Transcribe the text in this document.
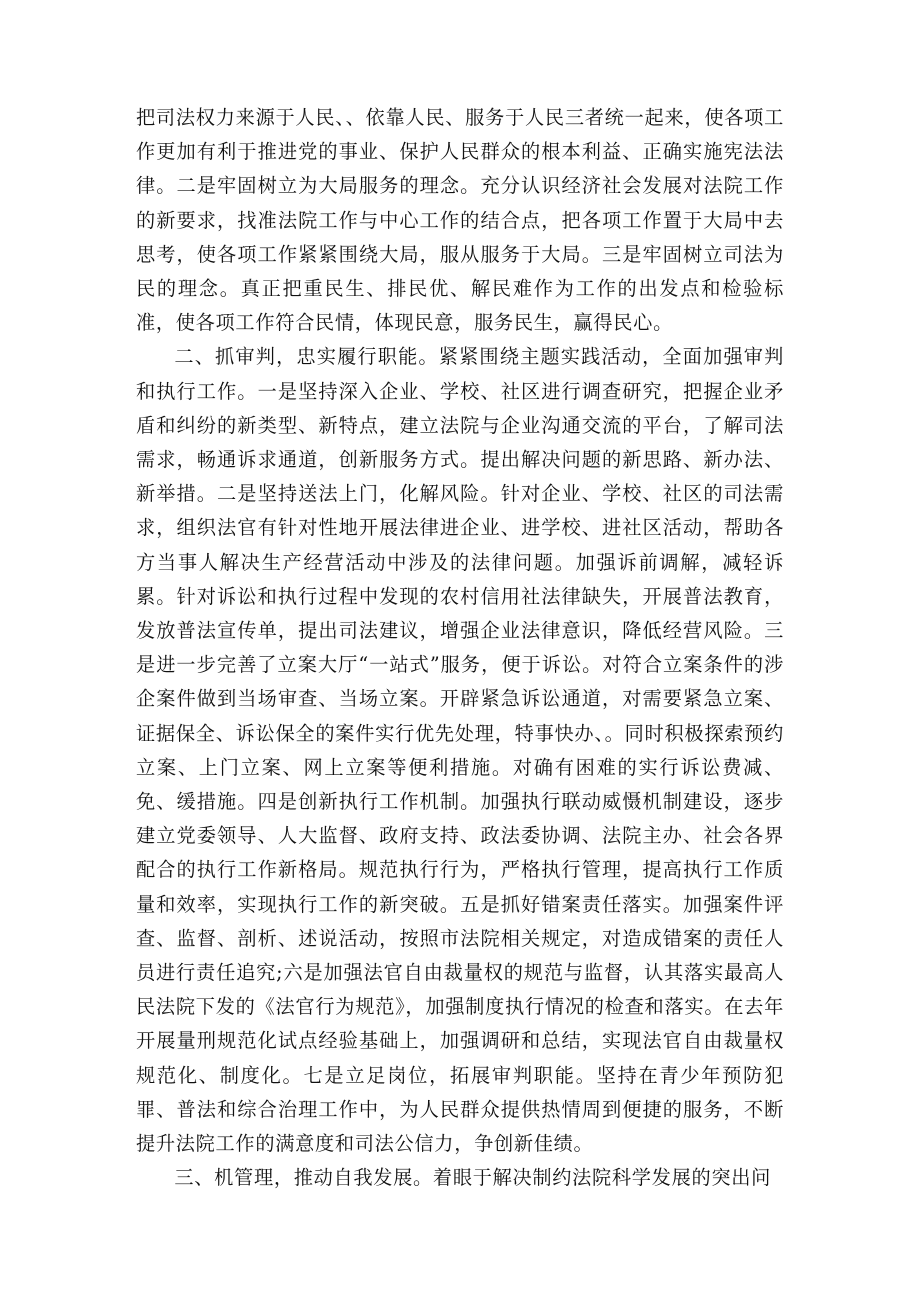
把司法权力来源于人民、、依靠人民、服务于人民三者统一起来，使各项工作更加有利于推进党的事业、保护人民群众的根本利益、正确实施宪法法律。二是牢固树立为大局服务的理念。充分认识经济社会发展对法院工作的新要求，找准法院工作与中心工作的结合点，把各项工作置于大局中去思考，使各项工作紧紧围绕大局，服从服务于大局。三是牢固树立司法为民的理念。真正把重民生、排民优、解民难作为工作的出发点和检验标准，使各项工作符合民情，体现民意，服务民生，赢得民心。

二、抓审判，忠实履行职能。紧紧围绕主题实践活动，全面加强审判和执行工作。一是坚持深入企业、学校、社区进行调查研究，把握企业矛盾和纠纷的新类型、新特点，建立法院与企业沟通交流的平台，了解司法需求，畅通诉求通道，创新服务方式。提出解决问题的新思路、新办法、新举措。二是坚持送法上门，化解风险。针对企业、学校、社区的司法需求，组织法官有针对性地开展法律进企业、进学校、进社区活动，帮助各方当事人解决生产经营活动中涉及的法律问题。加强诉前调解，减轻诉累。针对诉讼和执行过程中发现的农村信用社法律缺失，开展普法教育，发放普法宣传单，提出司法建议，增强企业法律意识，降低经营风险。三是进一步完善了立案大厅“一站式”服务，便于诉讼。对符合立案条件的涉企案件做到当场审查、当场立案。开辟紧急诉讼通道，对需要紧急立案、证据保全、诉讼保全的案件实行优先处理，特事快办、。同时积极探索预约立案、上门立案、网上立案等便利措施。对确有困难的实行诉讼费减、免、缓措施。四是创新执行工作机制。加强执行联动威慑机制建设，逐步建立党委领导、人大监督、政府支持、政法委协调、法院主办、社会各界配合的执行工作新格局。规范执行行为，严格执行管理，提高执行工作质量和效率，实现执行工作的新突破。五是抓好错案责任落实。加强案件评查、监督、剖析、述说活动，按照市法院相关规定，对造成错案的责任人员进行责任追究;六是加强法官自由裁量权的规范与监督，认其落实最高人民法院下发的《法官行为规范》，加强制度执行情况的检查和落实。在去年开展量刑规范化试点经验基础上，加强调研和总结，实现法官自由裁量权规范化、制度化。七是立足岗位，拓展审判职能。坚持在青少年预防犯罪、普法和综合治理工作中，为人民群众提供热情周到便捷的服务，不断提升法院工作的满意度和司法公信力，争创新佳绩。

三、机管理，推动自我发展。着眼于解决制约法院科学发展的突出问
